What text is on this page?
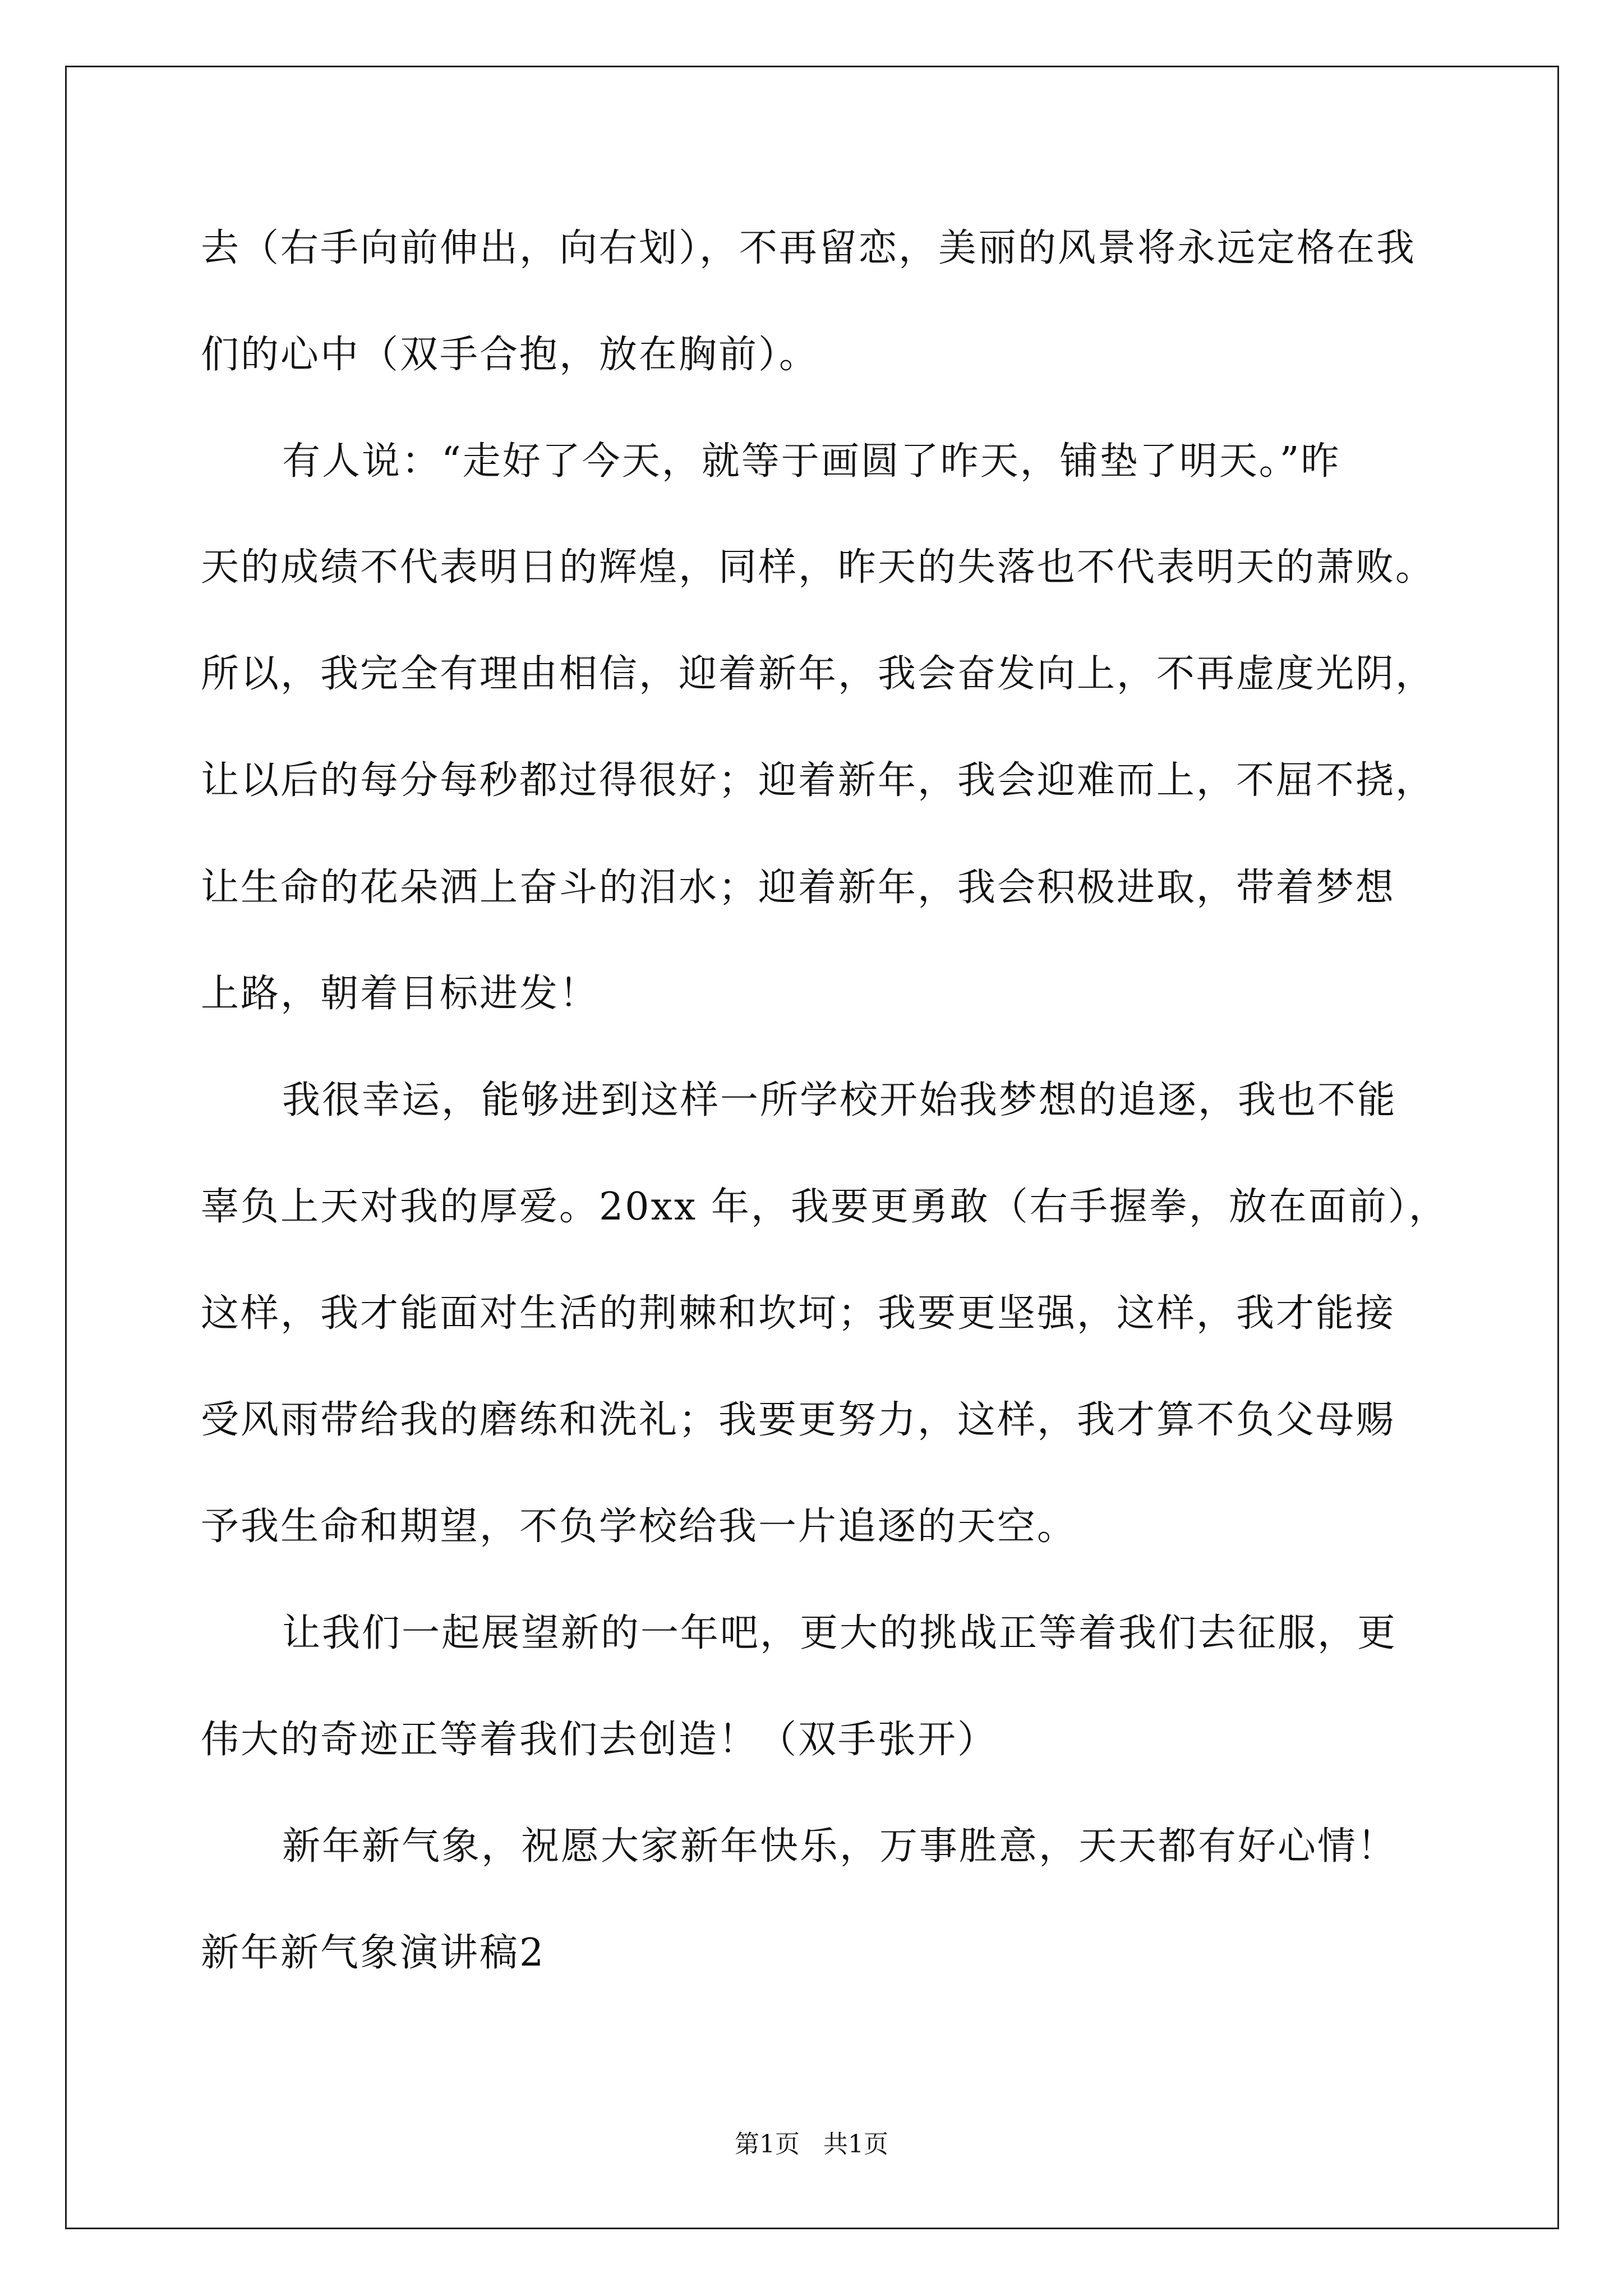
去（右手向前伸出，向右划），不再留恋，美丽的风景将永远定格在我
们的心中（双手合抱，放在胸前）。
有人说：“走好了今天，就等于画圆了昨天，铺垫了明天。”昨
天的成绩不代表明日的辉煌，同样，昨天的失落也不代表明天的萧败。
所以，我完全有理由相信，迎着新年，我会奋发向上，不再虚度光阴，
让以后的每分每秒都过得很好；迎着新年，我会迎难而上，不屈不挠，
让生命的花朵洒上奋斗的泪水；迎着新年，我会积极进取，带着梦想
上路，朝着目标进发！
我很幸运，能够进到这样一所学校开始我梦想的追逐，我也不能
辜负上天对我的厚爱。20xx 年，我要更勇敢（右手握拳，放在面前），
这样，我才能面对生活的荆棘和坎坷；我要更坚强，这样，我才能接
受风雨带给我的磨练和洗礼；我要更努力，这样，我才算不负父母赐
予我生命和期望，不负学校给我一片追逐的天空。
让我们一起展望新的一年吧，更大的挑战正等着我们去征服，更
伟大的奇迹正等着我们去创造！（双手张开）
新年新气象，祝愿大家新年快乐，万事胜意，天天都有好心情！
新年新气象演讲稿2
第1页   共1页
